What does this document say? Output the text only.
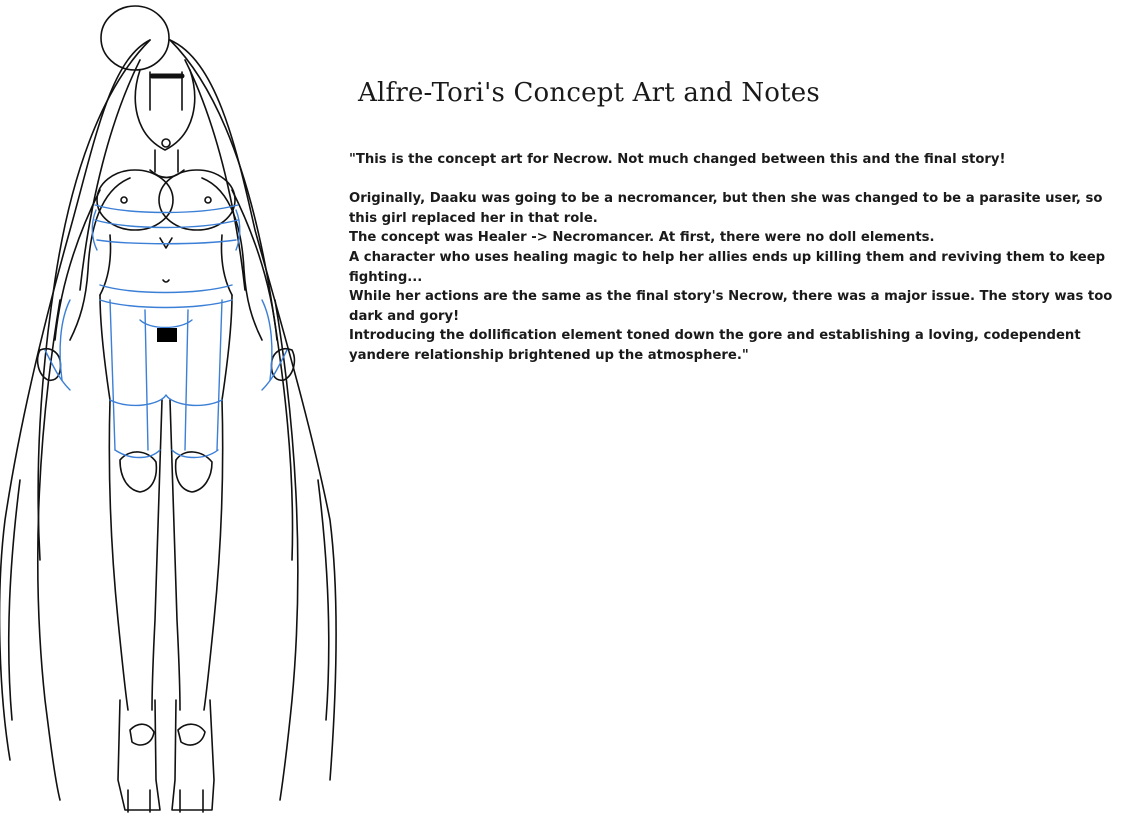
Alfre-Tori's Concept Art and Notes

"This is the concept art for Necrow. Not much changed between this and the final story!

Originally, Daaku was going to be a necromancer, but then she was changed to be a parasite user, so this girl replaced her in that role.

The concept was Healer -> Necromancer. At first, there were no doll elements.

A character who uses healing magic to help her allies ends up killing them and reviving them to keep fighting...

While her actions are the same as the final story's Necrow, there was a major issue. The story was too dark and gory!

Introducing the dollification element toned down the gore and establishing a loving, codependent yandere relationship brightened up the atmosphere."
